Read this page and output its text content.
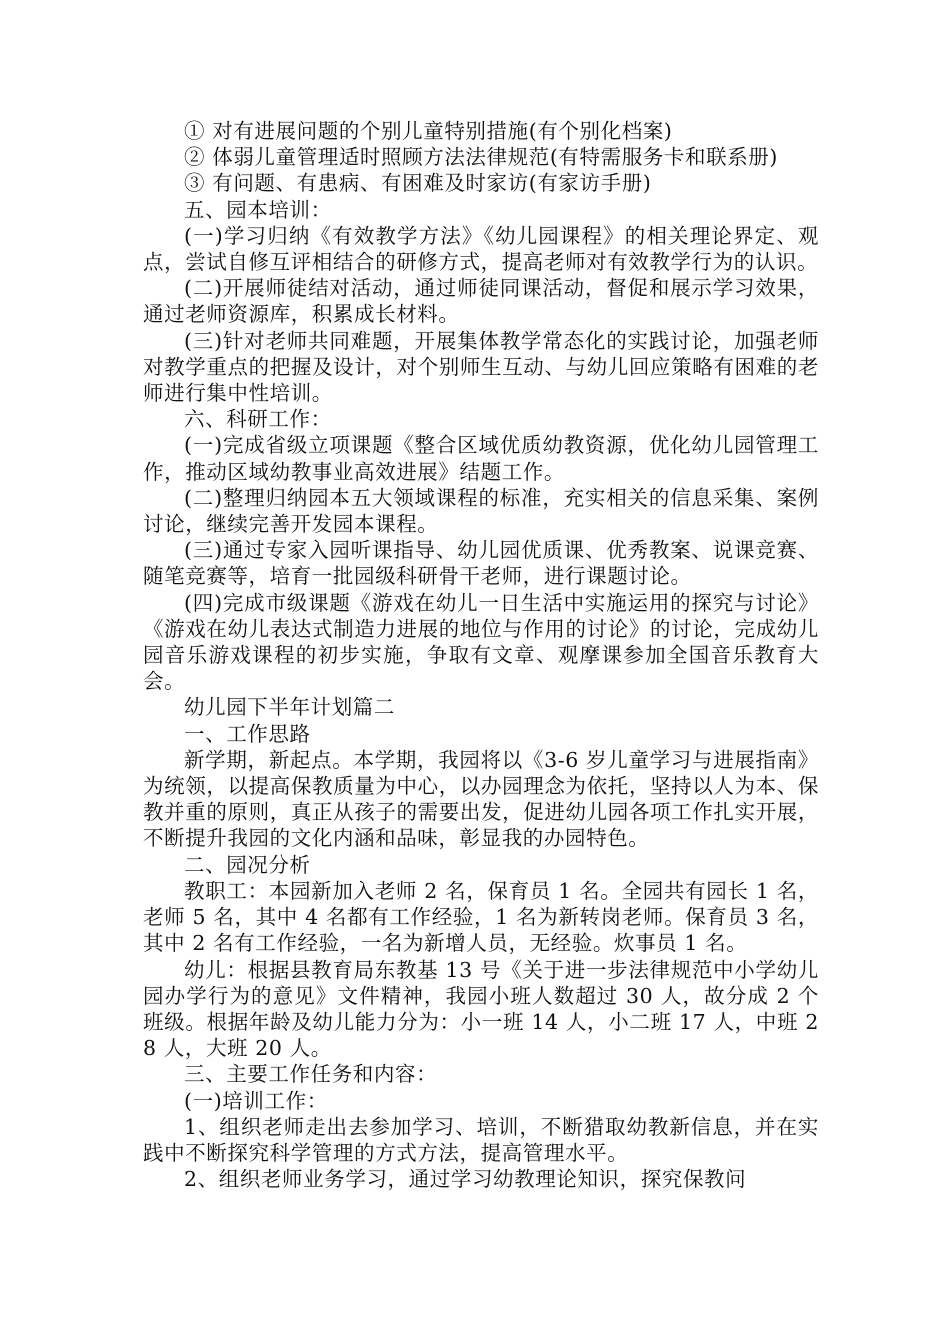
① 对有进展问题的个别儿童特别措施(有个别化档案)

② 体弱儿童管理适时照顾方法法律规范(有特需服务卡和联系册)

③ 有问题、有患病、有困难及时家访(有家访手册)

五、园本培训：

(一)学习归纳《有效教学方法》《幼儿园课程》的相关理论界定、观点，尝试自修互评相结合的研修方式，提高老师对有效教学行为的认识。

(二)开展师徒结对活动，通过师徒同课活动，督促和展示学习效果，通过老师资源库，积累成长材料。

(三)针对老师共同难题，开展集体教学常态化的实践讨论，加强老师对教学重点的把握及设计，对个别师生互动、与幼儿回应策略有困难的老师进行集中性培训。

六、科研工作：

(一)完成省级立项课题《整合区域优质幼教资源，优化幼儿园管理工作，推动区域幼教事业高效进展》结题工作。

(二)整理归纳园本五大领域课程的标准，充实相关的信息采集、案例讨论，继续完善开发园本课程。

(三)通过专家入园听课指导、幼儿园优质课、优秀教案、说课竞赛、随笔竞赛等，培育一批园级科研骨干老师，进行课题讨论。

(四)完成市级课题《游戏在幼儿一日生活中实施运用的探究与讨论》《游戏在幼儿表达式制造力进展的地位与作用的讨论》的讨论，完成幼儿园音乐游戏课程的初步实施，争取有文章、观摩课参加全国音乐教育大会。

幼儿园下半年计划篇二

一、工作思路

新学期，新起点。本学期，我园将以《3-6 岁儿童学习与进展指南》为统领，以提高保教质量为中心，以办园理念为依托，坚持以人为本、保教并重的原则，真正从孩子的需要出发，促进幼儿园各项工作扎实开展，不断提升我园的文化内涵和品味，彰显我的办园特色。

二、园况分析

教职工：本园新加入老师 2 名，保育员 1 名。全园共有园长 1 名，老师 5 名，其中 4 名都有工作经验，1 名为新转岗老师。保育员 3 名，其中 2 名有工作经验，一名为新增人员，无经验。炊事员 1 名。

幼儿：根据县教育局东教基 13 号《关于进一步法律规范中小学幼儿园办学行为的意见》文件精神，我园小班人数超过 30 人，故分成 2 个班级。根据年龄及幼儿能力分为：小一班 14 人，小二班 17 人，中班 28 人，大班 20 人。

三、主要工作任务和内容：

(一)培训工作：

1、组织老师走出去参加学习、培训，不断猎取幼教新信息，并在实践中不断探究科学管理的方式方法，提高管理水平。

2、组织老师业务学习，通过学习幼教理论知识，探究保教问
